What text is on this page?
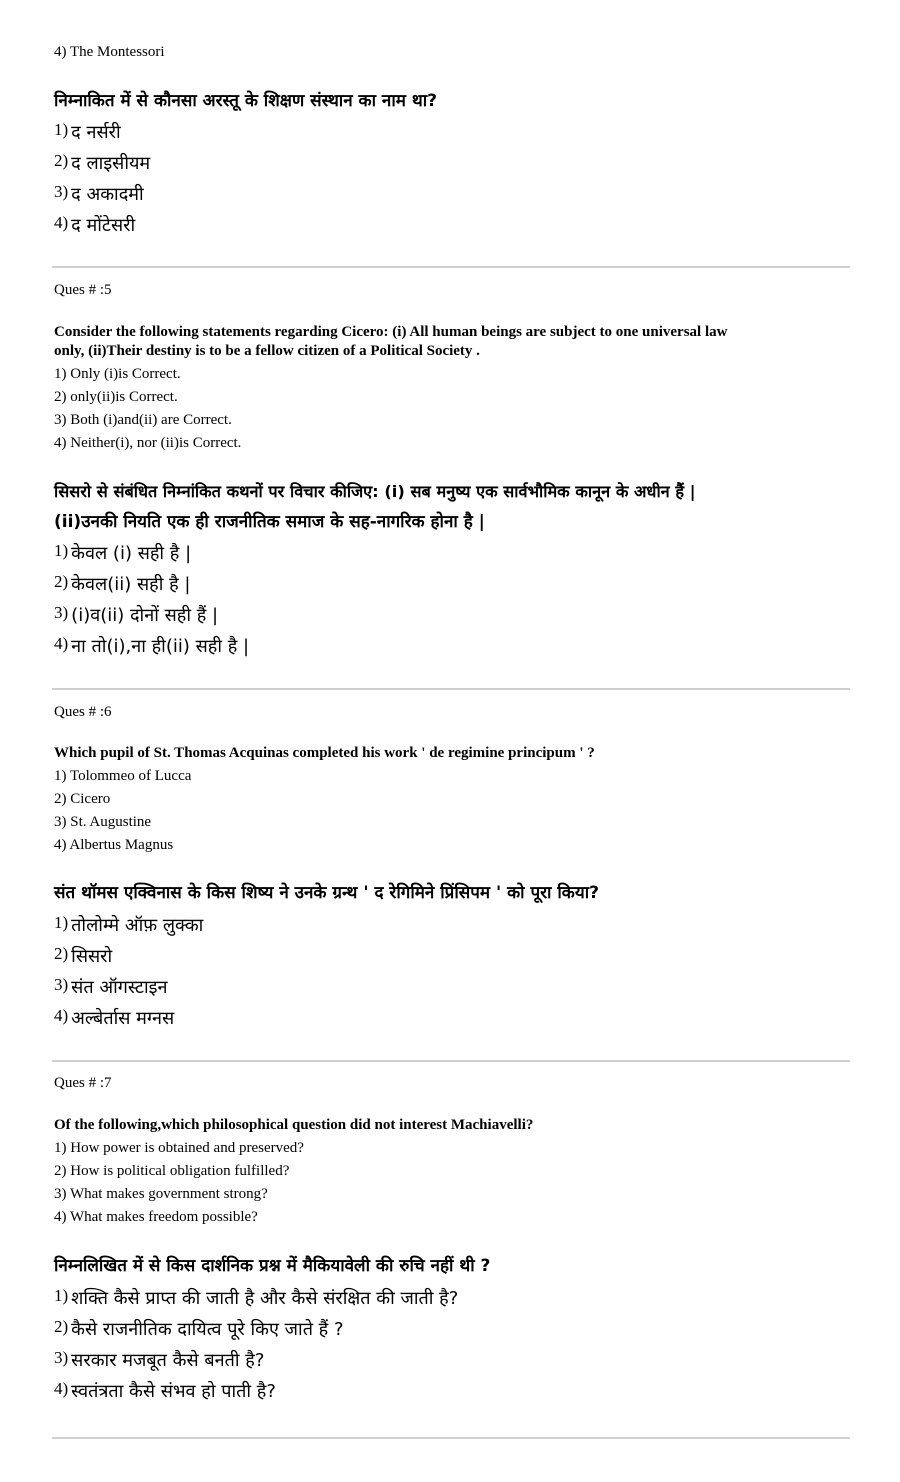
4) The Montessori
निम्नाकित में से कौनसा अरस्तू के शिक्षण संस्थान का नाम था?
1) द नर्सरी
2) द लाइसीयम
3) द अकादमी
4) द मोंटेसरी
Ques # :5
Consider the following statements regarding Cicero: (i) All human beings are subject to one universal law
only, (ii)Their destiny is to be a fellow citizen of a Political Society .
1) Only (i)is Correct.
2) only(ii)is Correct.
3) Both (i)and(ii) are Correct.
4) Neither(i), nor (ii)is Correct.
सिसरो से संबंधित निम्नांकित कथनों पर विचार कीजिए: (i) सब मनुष्य एक सार्वभौमिक कानून के अधीन हैं |
(ii)उनकी नियति एक ही राजनीतिक समाज के सह-नागरिक होना है |
1) केवल (i) सही है |
2) केवल(ii) सही है |
3) (i)व(ii) दोनों सही हैं |
4) ना तो(i),ना ही(ii) सही है |
Ques # :6
Which pupil of St. Thomas Acquinas completed his work ' de regimine principum ' ?
1) Tolommeo of Lucca
2) Cicero
3) St. Augustine
4) Albertus Magnus
संत थॉमस एक्विनास के किस शिष्य ने उनके ग्रन्थ ' द रेगिमिने प्रिंसिपम ' को पूरा किया?
1) तोलोम्मे ऑफ़ लुक्का
2) सिसरो
3) संत ऑगस्टाइन
4) अल्बेर्तास मग्नस
Ques # :7
Of the following,which philosophical question did not interest Machiavelli?
1) How power is obtained and preserved?
2) How is political obligation fulfilled?
3) What makes government strong?
4) What makes freedom possible?
निम्नलिखित में से किस दार्शनिक प्रश्न में मैकियावेली की रुचि नहीं थी ?
1) शक्ति कैसे प्राप्त की जाती है और कैसे संरक्षित की जाती है?
2) कैसे राजनीतिक दायित्व पूरे किए जाते हैं ?
3) सरकार मजबूत कैसे बनती है?
4) स्वतंत्रता कैसे संभव हो पाती है?
